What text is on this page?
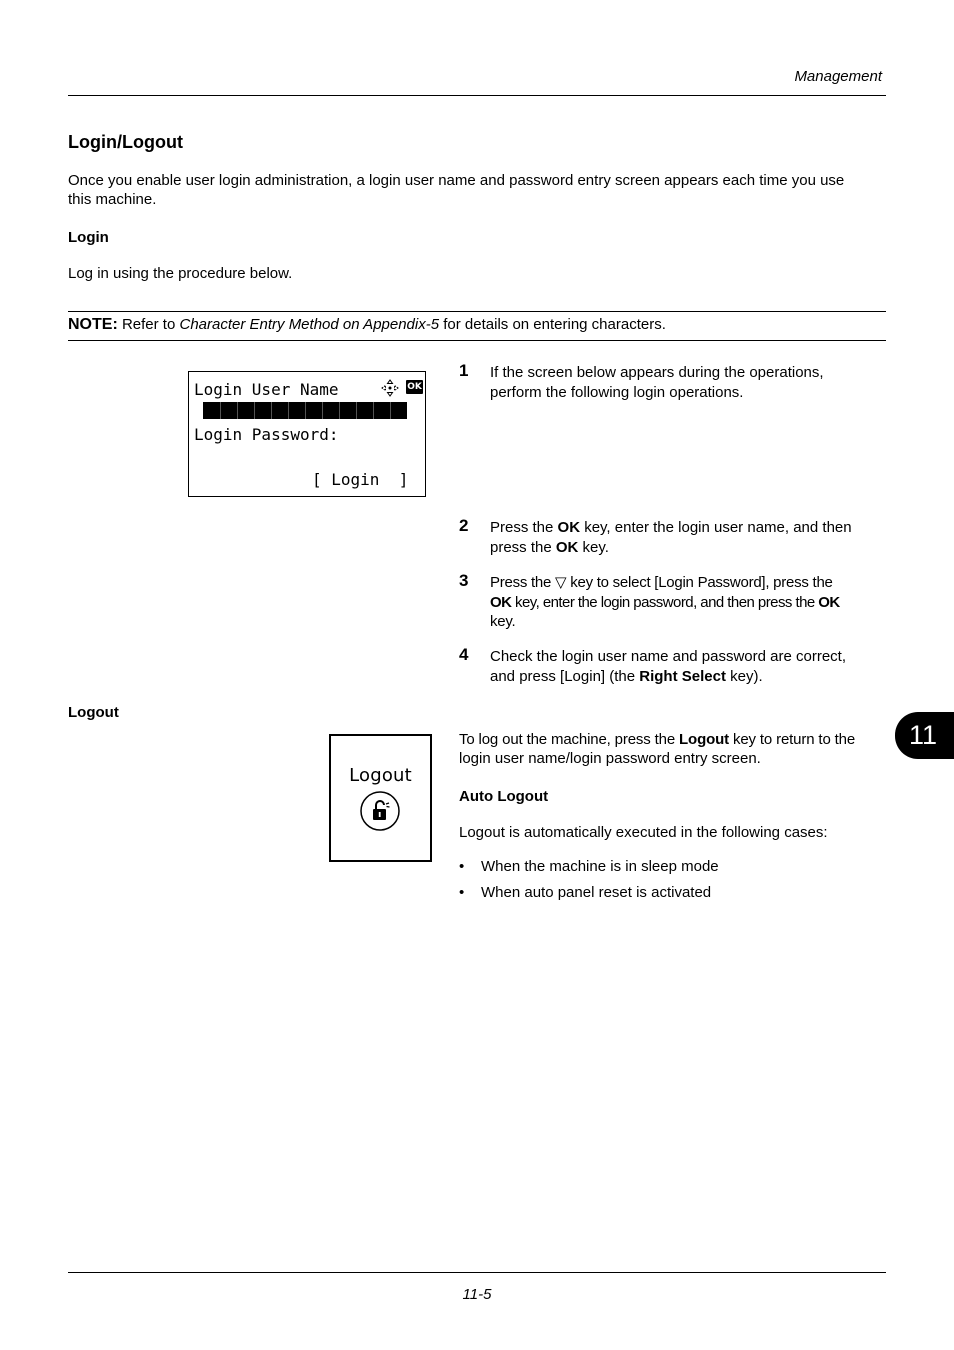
Management
Login/Logout
Once you enable user login administration, a login user name and password entry screen appears each time you use
this machine.
Login
Log in using the procedure below.
NOTE: Refer to Character Entry Method on Appendix-5 for details on entering characters.
Login User Name	OK
Login Password:
[ Login  ]
1 If the screen below appears during the operations,
perform the following login operations.
2 Press the OK key, enter the login user name, and then
press the OK key.
3 Press the ▽ key to select [Login Password], press the
OK key, enter the login password, and then press the OK
key.
4 Check the login user name and password are correct,
and press [Login] (the Right Select key).
Logout
Logout
To log out the machine, press the Logout key to return to the
login user name/login password entry screen.
Auto Logout
Logout is automatically executed in the following cases:
• When the machine is in sleep mode
• When auto panel reset is activated
11
11-5
